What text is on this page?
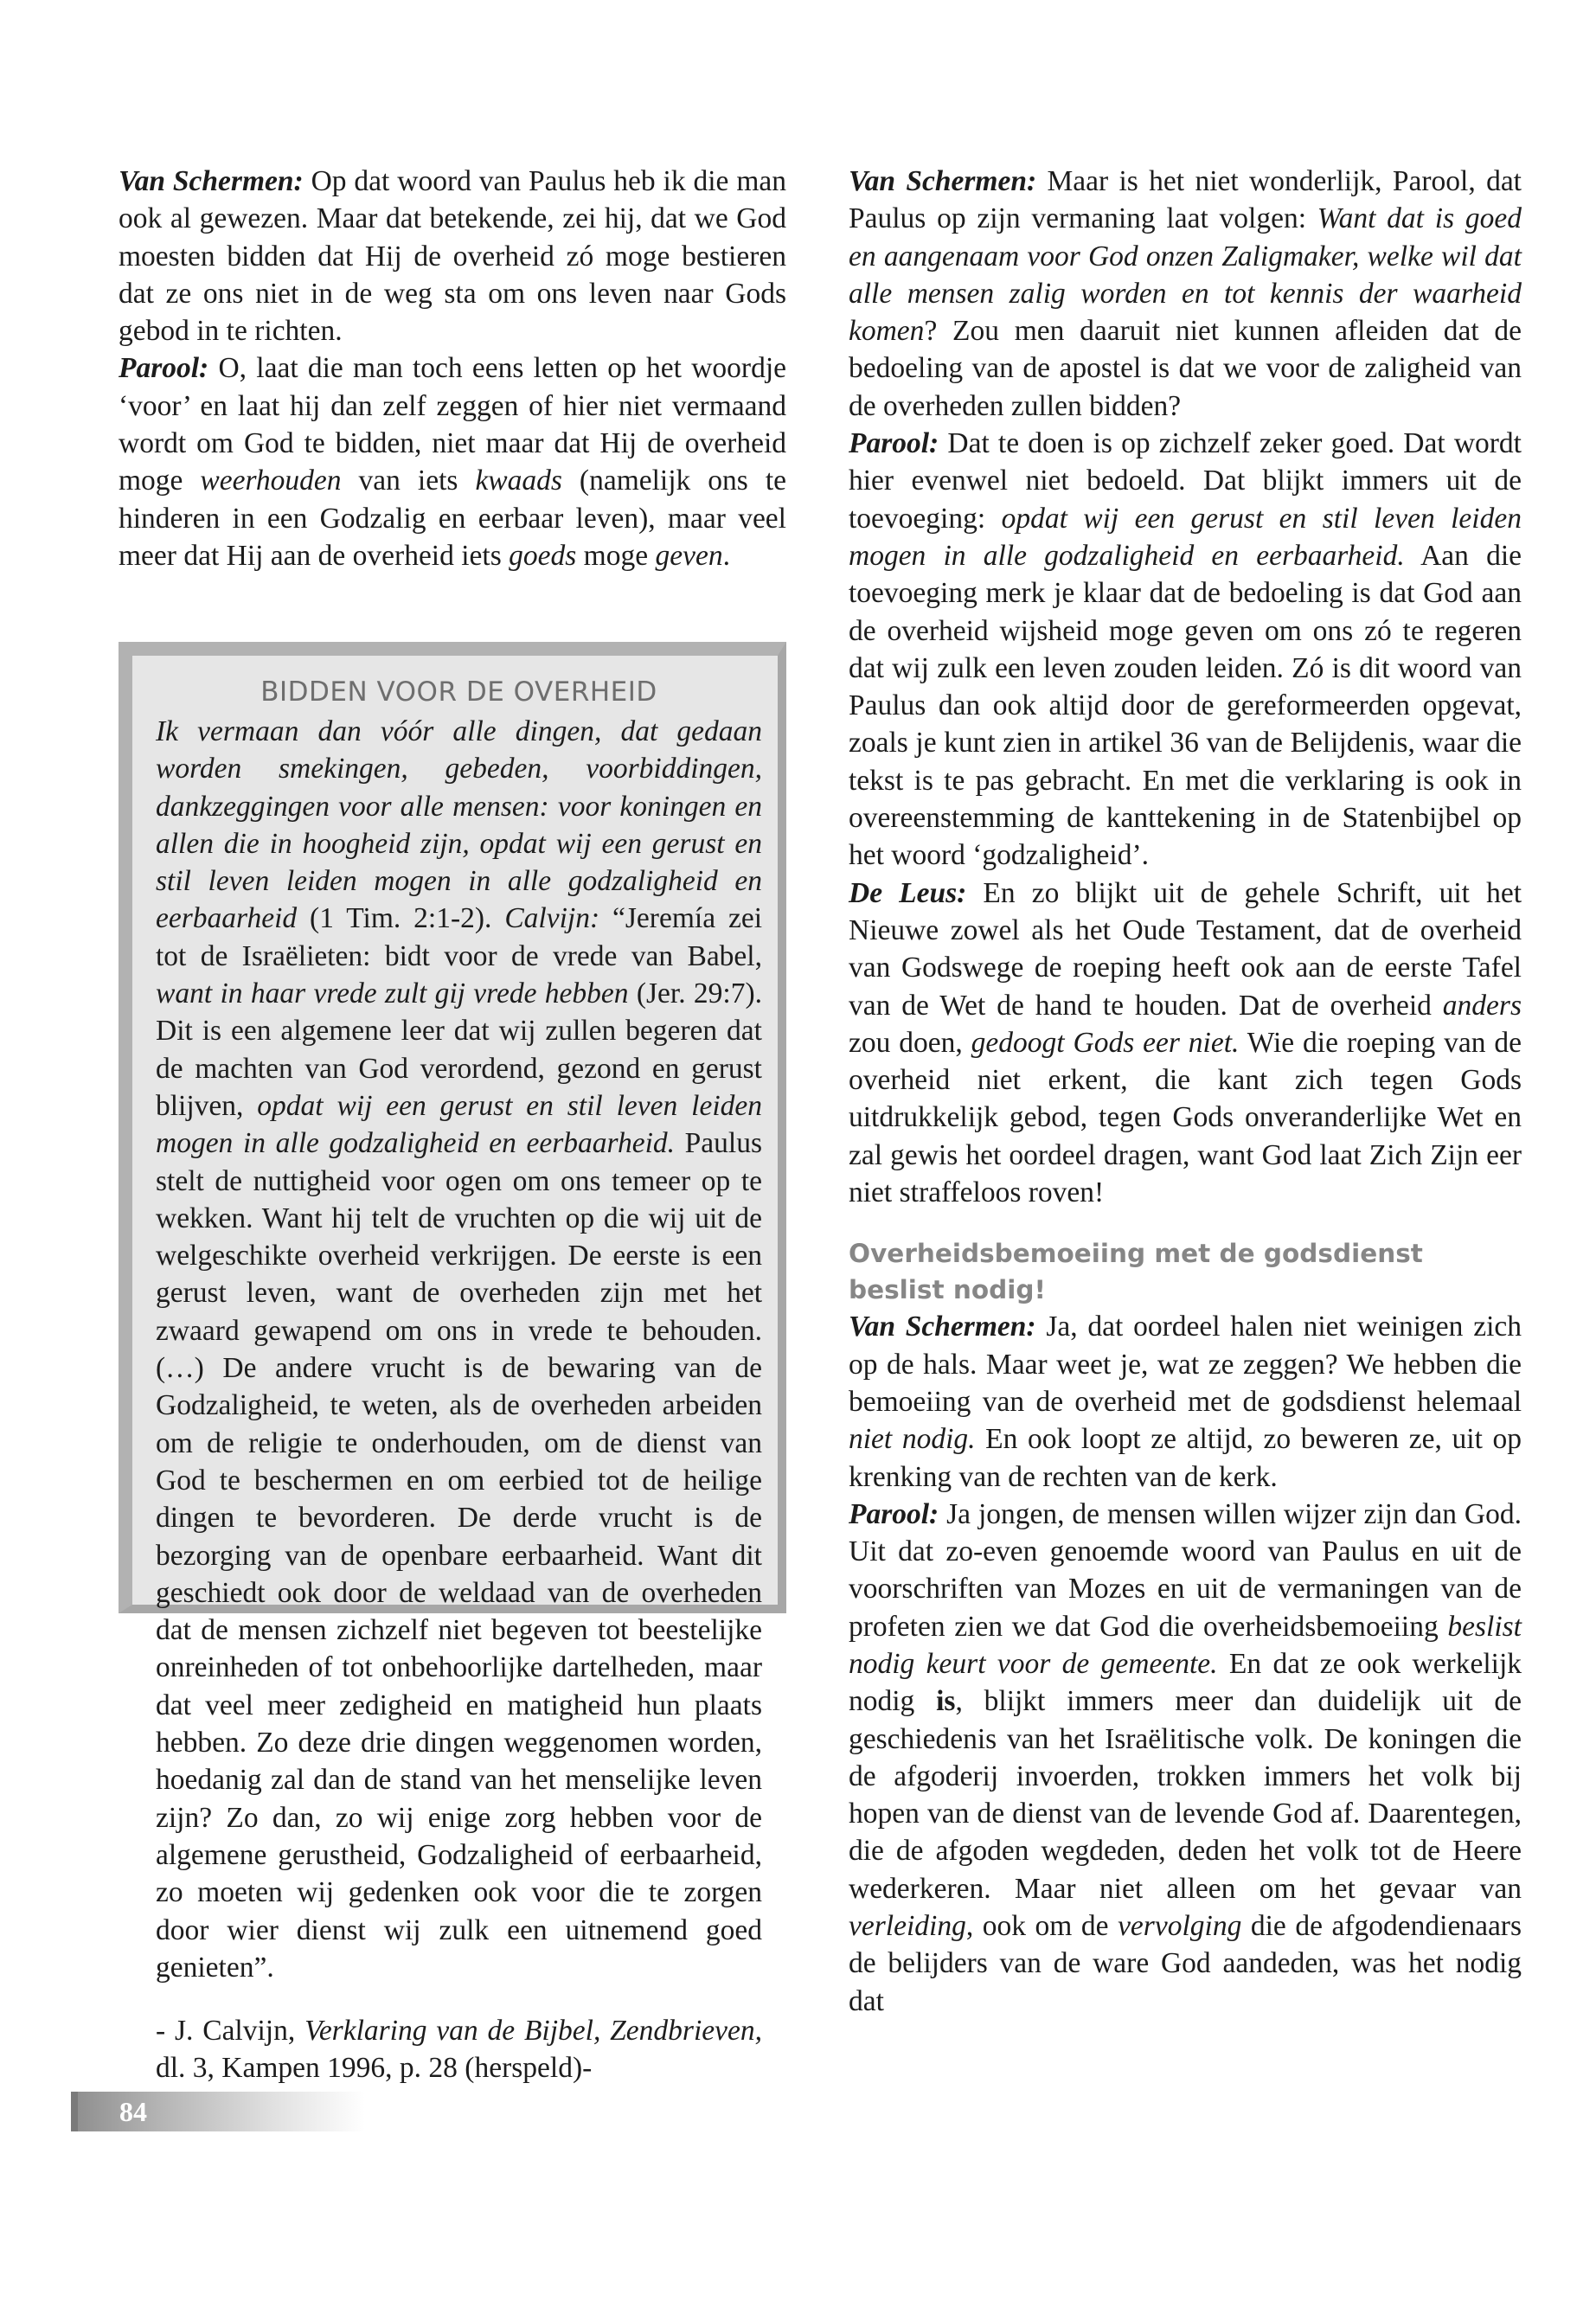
Van Schermen: Op dat woord van Paulus heb ik die man ook al gewezen. Maar dat betekende, zei hij, dat we God moesten bidden dat Hij de overheid zó moge bestieren dat ze ons niet in de weg sta om ons leven naar Gods gebod in te richten.

Parool: O, laat die man toch eens letten op het woordje ‘voor’ en laat hij dan zelf zeggen of hier niet vermaand wordt om God te bidden, niet maar dat Hij de overheid moge weerhouden van iets kwaads (namelijk ons te hinderen in een Godzalig en eerbaar leven), maar veel meer dat Hij aan de overheid iets goeds moge geven.

BIDDEN VOOR DE OVERHEID

Ik vermaan dan vóór alle dingen, dat gedaan worden smekingen, gebeden, voorbiddingen, dankzeggingen voor alle mensen: voor koningen en allen die in hoogheid zijn, opdat wij een gerust en stil leven leiden mogen in alle godzaligheid en eerbaarheid (1 Tim. 2:1-2). Calvijn: “Jeremía zei tot de Israëlieten: bidt voor de vrede van Babel, want in haar vrede zult gij vrede hebben (Jer. 29:7). Dit is een algemene leer dat wij zullen begeren dat de machten van God verordend, gezond en gerust blijven, opdat wij een gerust en stil leven leiden mogen in alle godzaligheid en eerbaarheid. Paulus stelt de nuttigheid voor ogen om ons temeer op te wekken. Want hij telt de vruchten op die wij uit de welgeschikte overheid verkrijgen. De eerste is een gerust leven, want de overheden zijn met het zwaard gewapend om ons in vrede te behouden. (…) De andere vrucht is de bewaring van de Godzaligheid, te weten, als de overheden arbeiden om de religie te onderhouden, om de dienst van God te beschermen en om eerbied tot de heilige dingen te bevorderen. De derde vrucht is de bezorging van de openbare eerbaarheid. Want dit geschiedt ook door de weldaad van de overheden dat de mensen zichzelf niet begeven tot beestelijke onreinheden of tot onbehoorlijke dartelheden, maar dat veel meer zedigheid en matigheid hun plaats hebben. Zo deze drie dingen weggenomen worden, hoedanig zal dan de stand van het menselijke leven zijn? Zo dan, zo wij enige zorg hebben voor de algemene gerustheid, Godzaligheid of eerbaarheid, zo moeten wij gedenken ook voor die te zorgen door wier dienst wij zulk een uitnemend goed genieten”.

- J. Calvijn, Verklaring van de Bijbel, Zendbrieven, dl. 3, Kampen 1996, p. 28 (herspeld)-

Van Schermen: Maar is het niet wonderlijk, Parool, dat Paulus op zijn vermaning laat volgen: Want dat is goed en aangenaam voor God onzen Zaligmaker, welke wil dat alle mensen zalig worden en tot kennis der waarheid komen? Zou men daaruit niet kunnen afleiden dat de bedoeling van de apostel is dat we voor de zaligheid van de overheden zullen bidden?

Parool: Dat te doen is op zichzelf zeker goed. Dat wordt hier evenwel niet bedoeld. Dat blijkt immers uit de toevoeging: opdat wij een gerust en stil leven leiden mogen in alle godzaligheid en eerbaarheid. Aan die toevoeging merk je klaar dat de bedoeling is dat God aan de overheid wijsheid moge geven om ons zó te regeren dat wij zulk een leven zouden leiden. Zó is dit woord van Paulus dan ook altijd door de gereformeerden opgevat, zoals je kunt zien in artikel 36 van de Belijdenis, waar die tekst is te pas gebracht. En met die verklaring is ook in overeenstemming de kanttekening in de Statenbijbel op het woord ‘godzaligheid’.

De Leus: En zo blijkt uit de gehele Schrift, uit het Nieuwe zowel als het Oude Testament, dat de overheid van Godswege de roeping heeft ook aan de eerste Tafel van de Wet de hand te houden. Dat de overheid anders zou doen, gedoogt Gods eer niet. Wie die roeping van de overheid niet erkent, die kant zich tegen Gods uitdrukkelijk gebod, tegen Gods onveranderlijke Wet en zal gewis het oordeel dragen, want God laat Zich Zijn eer niet straffeloos roven!

Overheidsbemoeiing met de godsdienst beslist nodig!

Van Schermen: Ja, dat oordeel halen niet weinigen zich op de hals. Maar weet je, wat ze zeggen? We hebben die bemoeiing van de overheid met de godsdienst helemaal niet nodig. En ook loopt ze altijd, zo beweren ze, uit op krenking van de rechten van de kerk.

Parool: Ja jongen, de mensen willen wijzer zijn dan God. Uit dat zo-even genoemde woord van Paulus en uit de voorschriften van Mozes en uit de vermaningen van de profeten zien we dat God die overheidsbemoeiing beslist nodig keurt voor de gemeente. En dat ze ook werkelijk nodig is, blijkt immers meer dan duidelijk uit de geschiedenis van het Israëlitische volk. De koningen die de afgoderij invoerden, trokken immers het volk bij hopen van de dienst van de levende God af. Daarentegen, die de afgoden wegdeden, deden het volk tot de Heere wederkeren. Maar niet alleen om het gevaar van verleiding, ook om de vervolging die de afgodendienaars de belijders van de ware God aandeden, was het nodig dat

84
